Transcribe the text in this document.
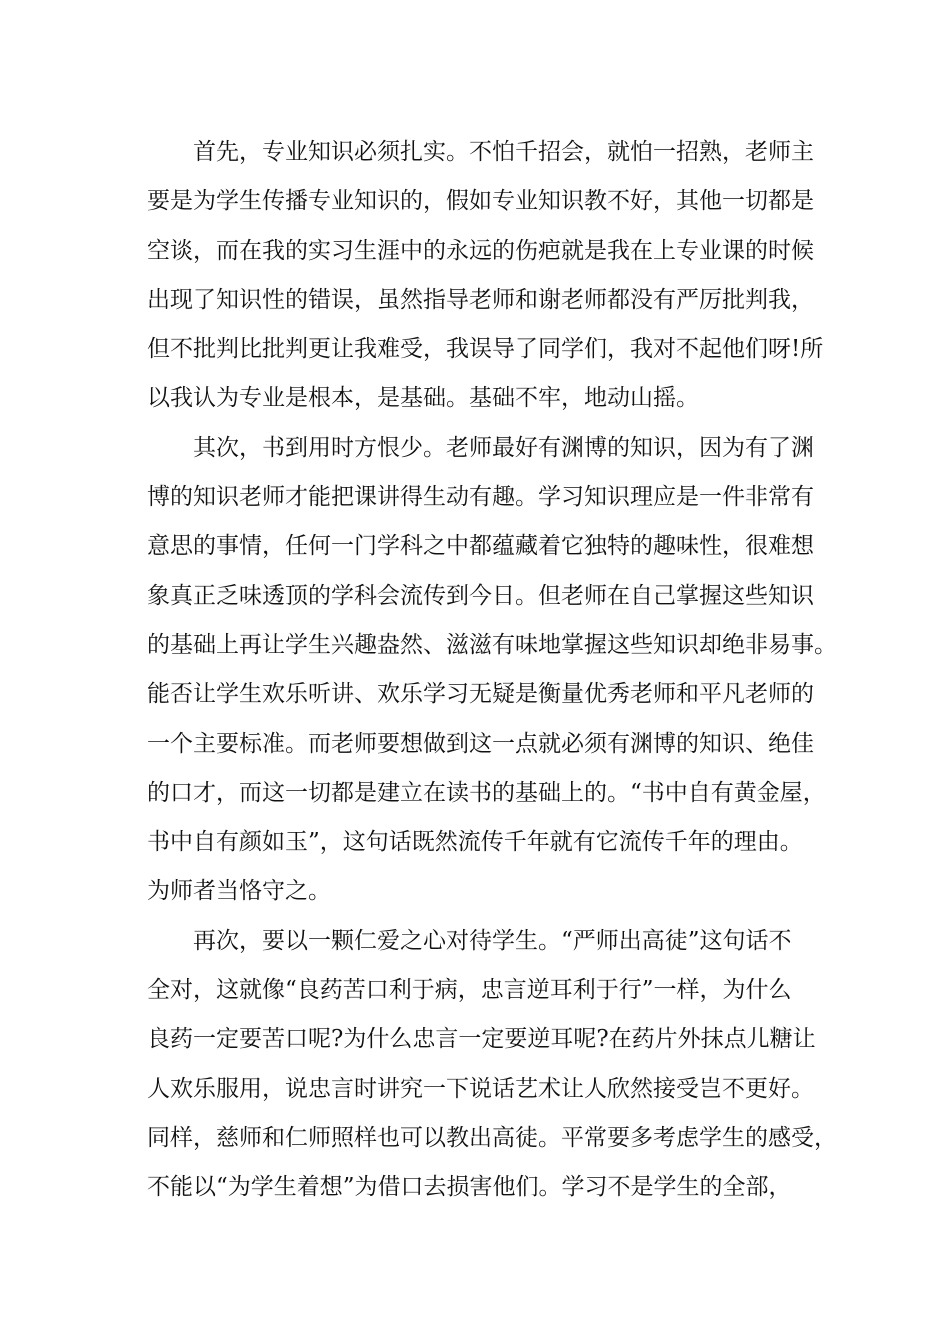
首先，专业知识必须扎实。不怕千招会，就怕一招熟，老师主
要是为学生传播专业知识的，假如专业知识教不好，其他一切都是
空谈，而在我的实习生涯中的永远的伤疤就是我在上专业课的时候
出现了知识性的错误，虽然指导老师和谢老师都没有严厉批判我，
但不批判比批判更让我难受，我误导了同学们，我对不起他们呀!所
以我认为专业是根本，是基础。基础不牢，地动山摇。
其次，书到用时方恨少。老师最好有渊博的知识，因为有了渊
博的知识老师才能把课讲得生动有趣。学习知识理应是一件非常有
意思的事情，任何一门学科之中都蕴藏着它独特的趣味性，很难想
象真正乏味透顶的学科会流传到今日。但老师在自己掌握这些知识
的基础上再让学生兴趣盎然、滋滋有味地掌握这些知识却绝非易事。
能否让学生欢乐听讲、欢乐学习无疑是衡量优秀老师和平凡老师的
一个主要标准。而老师要想做到这一点就必须有渊博的知识、绝佳
的口才，而这一切都是建立在读书的基础上的。“书中自有黄金屋，
书中自有颜如玉”，这句话既然流传千年就有它流传千年的理由。
为师者当恪守之。
再次，要以一颗仁爱之心对待学生。“严师出高徒”这句话不
全对，这就像“良药苦口利于病，忠言逆耳利于行”一样，为什么
良药一定要苦口呢?为什么忠言一定要逆耳呢?在药片外抹点儿糖让
人欢乐服用，说忠言时讲究一下说话艺术让人欣然接受岂不更好。
同样，慈师和仁师照样也可以教出高徒。平常要多考虑学生的感受，
不能以“为学生着想”为借口去损害他们。学习不是学生的全部，
